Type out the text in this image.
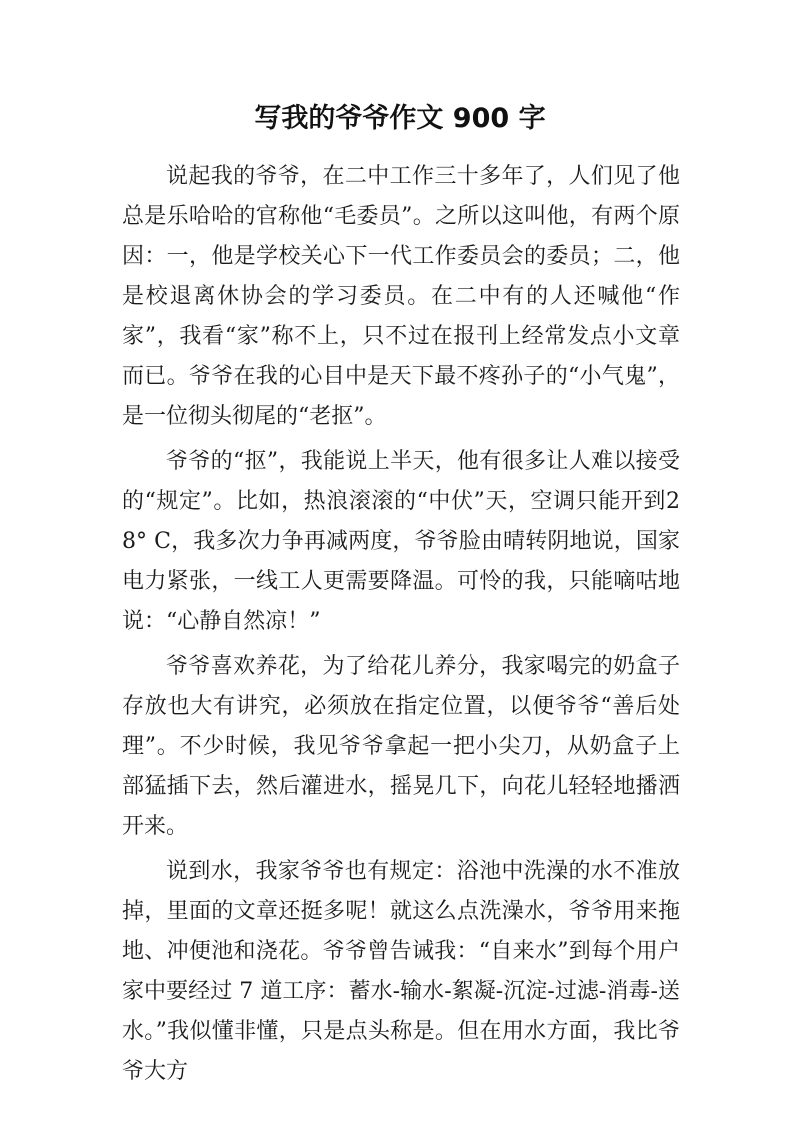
写我的爷爷作文 900 字

说起我的爷爷，在二中工作三十多年了，人们见了他总是乐哈哈的官称他“毛委员”。之所以这叫他，有两个原因：一，他是学校关心下一代工作委员会的委员；二，他是校退离休协会的学习委员。在二中有的人还喊他“作家”，我看“家”称不上，只不过在报刊上经常发点小文章而已。爷爷在我的心目中是天下最不疼孙子的“小气鬼”，是一位彻头彻尾的“老抠”。

爷爷的“抠”，我能说上半天，他有很多让人难以接受的“规定”。比如，热浪滚滚的“中伏”天，空调只能开到28° C，我多次力争再减两度，爷爷脸由晴转阴地说，国家电力紧张，一线工人更需要降温。可怜的我，只能嘀咕地说：“心静自然凉！”

爷爷喜欢养花，为了给花儿养分，我家喝完的奶盒子存放也大有讲究，必须放在指定位置，以便爷爷“善后处理”。不少时候，我见爷爷拿起一把小尖刀，从奶盒子上部猛插下去，然后灌进水，摇晃几下，向花儿轻轻地播洒开来。

说到水，我家爷爷也有规定：浴池中洗澡的水不准放掉，里面的文章还挺多呢！就这么点洗澡水，爷爷用来拖地、冲便池和浇花。爷爷曾告诫我：“自来水”到每个用户家中要经过 7 道工序：蓄水-输水-絮凝-沉淀-过滤-消毒-送水。”我似懂非懂，只是点头称是。但在用水方面，我比爷爷大方
